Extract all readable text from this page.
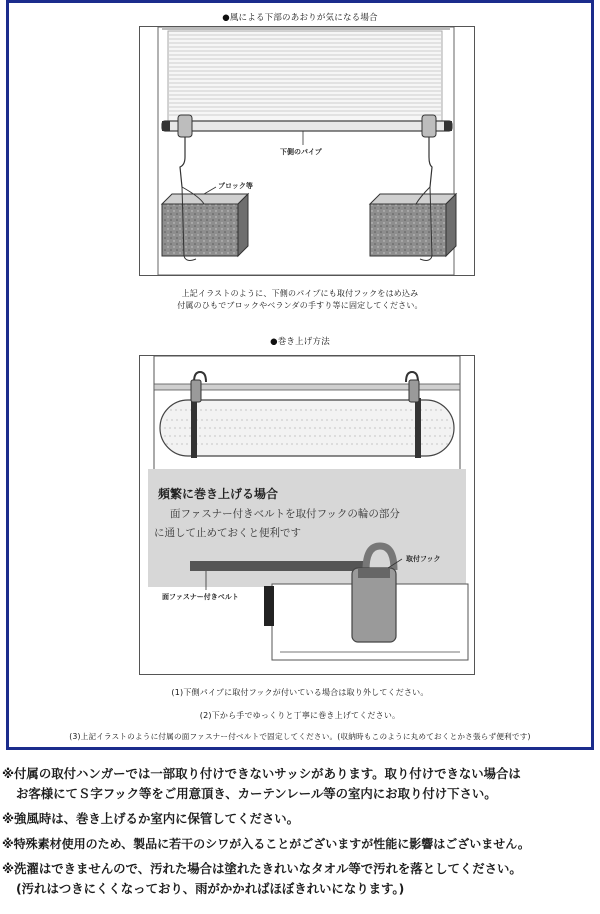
●風による下部のあおりが気になる場合
下側のパイプ
ブロック等
上記イラストのように、下側のパイプにも取付フックをはめ込み
付属のひもでブロックやベランダの手すり等に固定してください。
●巻き上げ方法
頻繁に巻き上げる場合
面ファスナー付きベルトを取付フックの輪の部分
に通して止めておくと便利です
面ファスナー付きベルト
取付フック
(1)下側パイプに取付フックが付いている場合は取り外してください。
(2)下から手でゆっくりと丁寧に巻き上げてください。
(3)上記イラストのように付属の面ファスナー付ベルトで固定してください。(収納時もこのように丸めておくとかさ張らず便利です)
※付属の取付ハンガーでは一部取り付けできないサッシがあります。取り付けできない場合は
お客様にてＳ字フック等をご用意頂き、カーテンレール等の室内にお取り付け下さい。
※強風時は、巻き上げるか室内に保管してください。
※特殊素材使用のため、製品に若干のシワが入ることがございますが性能に影響はございません。
※洗濯はできませんので、汚れた場合は塗れたきれいなタオル等で汚れを落としてください。
(汚れはつきにくくなっており、雨がかかればほぼきれいになります。)
